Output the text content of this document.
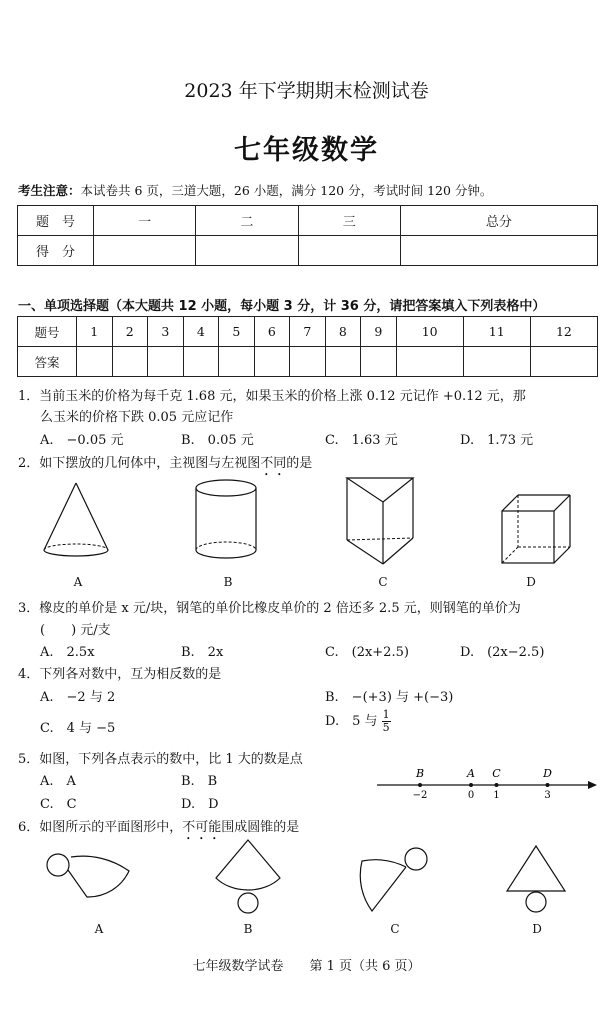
2023 年下学期期末检测试卷
七年级数学
考生注意：本试卷共 6 页，三道大题，26 小题，满分 120 分，考试时间 120 分钟。
题　号	一	二	三	总分
得　分				
一、单项选择题（本大题共 12 小题，每小题 3 分，计 36 分，请把答案填入下列表格中）
题号	1	2	3	4	5	6	7	8	9	10	11	12
答案												
1．当前玉米的价格为每千克 1.68 元，如果玉米的价格上涨 0.12 元记作 +0.12 元，那
么玉米的价格下跌 0.05 元应记作
A.　−0.05 元	B.　0.05 元	C.　1.63 元	D.　1.73 元
2．如下摆放的几何体中，主视图与左视图不同的是
A	B	C	D
3．橡皮的单价是 x 元/块，钢笔的单价比橡皮单价的 2 倍还多 2.5 元，则钢笔的单价为
(　　) 元/支
A.　2.5x	B.　2x	C.　(2x+2.5)	D.　(2x−2.5)
4．下列各对数中，互为相反数的是
A.　−2 与 2	B.　−(+3) 与 +(−3)
C.　4 与 −5	D.　5 与 $\frac{1}{5}$
5．如图，下列各点表示的数中，比 1 大的数是点
A.　A	B.　B
C.　C	D.　D
B
−2
A
0
C
1
D
3
6．如图所示的平面图形中，不可能围成圆锥的是
A	B	C	D
七年级数学试卷　　第 1 页（共 6 页）
